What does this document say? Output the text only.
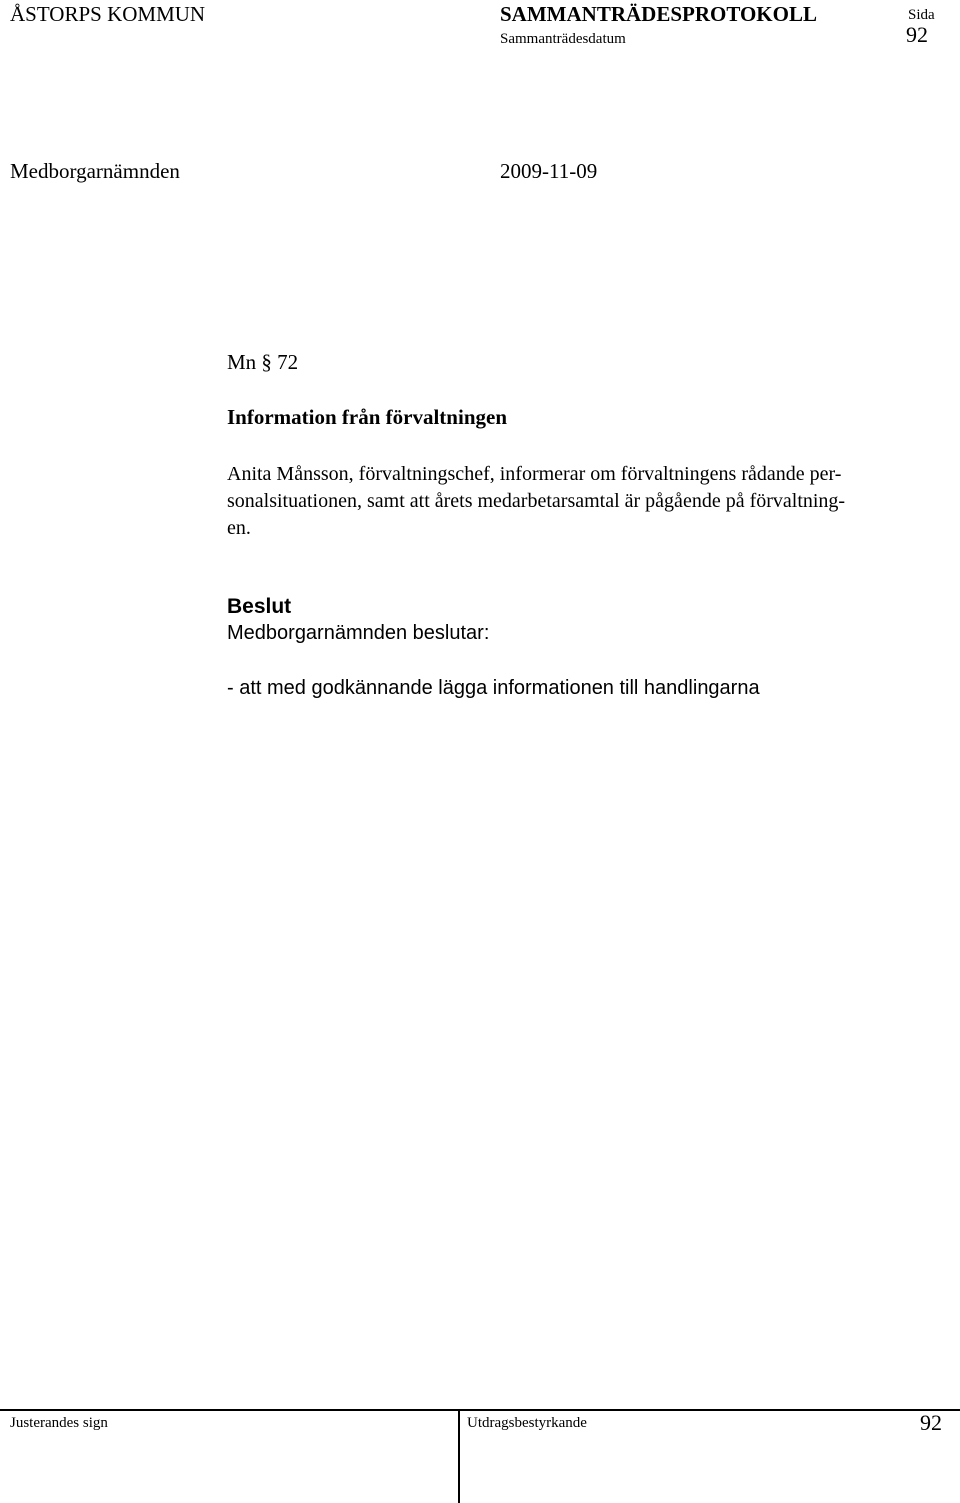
ÅSTORPS KOMMUN	SAMMANTRÄDESPROTOKOLL	Sida
Sammanträdesdatum	92
Medborgarnämnden	2009-11-09
Mn § 72
Information från förvaltningen
Anita Månsson, förvaltningschef, informerar om förvaltningens rådande per-
sonalsituationen, samt att årets medarbetarsamtal är pågående på förvaltning-
en.
Beslut
Medborgarnämnden beslutar:
- att med godkännande lägga informationen till handlingarna
Justerandes sign	Utdragsbestyrkande	92
